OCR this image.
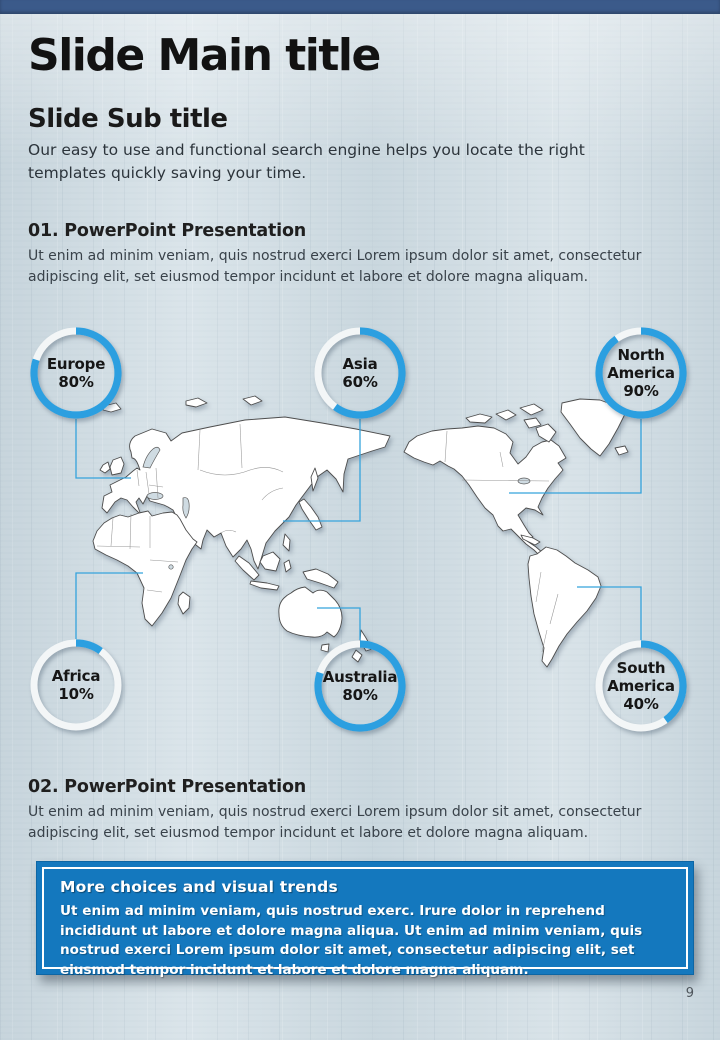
Slide Main title
Slide Sub title
Our easy to use and functional search engine helps you locate the right templates quickly saving your time.
01. PowerPoint Presentation
Ut enim ad minim veniam, quis nostrud exerci Lorem ipsum dolor sit amet, consectetur adipiscing elit, set eiusmod tempor incidunt et labore et dolore magna aliquam.
Europe
80%
Asia
60%
North America
90%
Africa
10%
Australia
80%
South America
40%
02. PowerPoint Presentation
Ut enim ad minim veniam, quis nostrud exerci Lorem ipsum dolor sit amet, consectetur adipiscing elit, set eiusmod tempor incidunt et labore et dolore magna aliquam.

More choices and visual trends

Ut enim ad minim veniam, quis nostrud exerc. Irure dolor in reprehend incididunt ut labore et dolore magna aliqua. Ut enim ad minim veniam, quis nostrud exerci Lorem ipsum dolor sit amet, consectetur adipiscing elit, set eiusmod tempor incidunt et labore et dolore magna aliquam.

9
